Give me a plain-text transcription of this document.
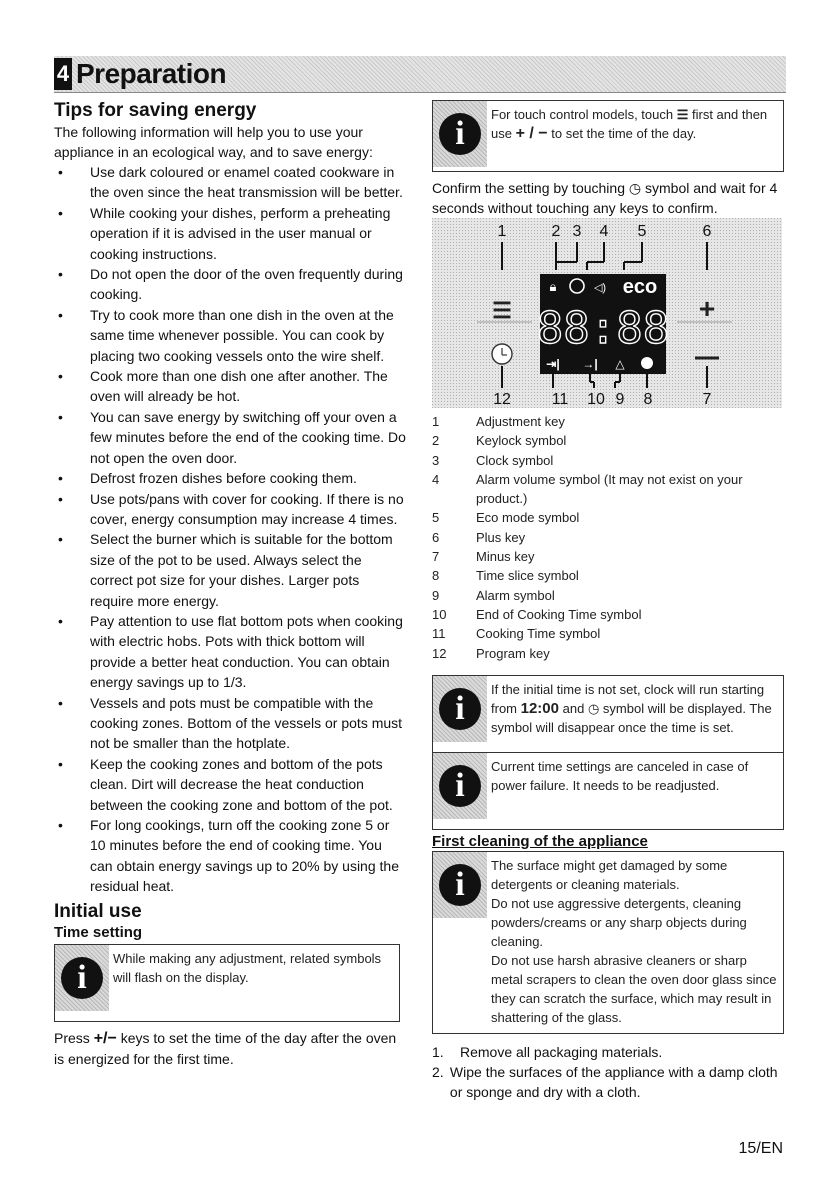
4 Preparation
Tips for saving energy

The following information will help you to use your appliance in an ecological way, and to save energy:

• Use dark coloured or enamel coated cookware in the oven since the heat transmission will be better.
• While cooking your dishes, perform a preheating operation if it is advised in the user manual or cooking instructions.
• Do not open the door of the oven frequently during cooking.
• Try to cook more than one dish in the oven at the same time whenever possible. You can cook by placing two cooking vessels onto the wire shelf.
• Cook more than one dish one after another. The oven will already be hot.
• You can save energy by switching off your oven a few minutes before the end of the cooking time. Do not open the oven door.
• Defrost frozen dishes before cooking them.
• Use pots/pans with cover for cooking. If there is no cover, energy consumption may increase 4 times.
• Select the burner which is suitable for the bottom size of the pot to be used. Always select the correct pot size for your dishes. Larger pots require more energy.
• Pay attention to use flat bottom pots when cooking with electric hobs. Pots with thick bottom will provide a better heat conduction. You can obtain energy savings up to 1/3.
• Vessels and pots must be compatible with the cooking zones. Bottom of the vessels or pots must not be smaller than the hotplate.
• Keep the cooking zones and bottom of the pots clean. Dirt will decrease the heat conduction between the cooking zone and bottom of the pot.
• For long cookings, turn off the cooking zone 5 or 10 minutes before the end of cooking time. You can obtain energy savings up to 20% by using the residual heat.
Initial use
Time setting
i
While making any adjustment, related symbols will flash on the display.

Press +/− keys to set the time of the day after the oven is energized for the first time.

i
For touch control models, touch ☰ first and then use + / − to set the time of the day.

Confirm the setting by touching ◷ symbol and wait for 4 seconds without touching any keys to confirm.

1	2 3 4 5	6
🔒︎	◁) eco
88:88
⇥| →| △
☰	+
12	11 10 9 8	7
1	Adjustment key
2	Keylock symbol
3	Clock symbol
4	Alarm volume symbol (It may not exist on your product.)
5	Eco mode symbol
6	Plus key
7	Minus key
8	Time slice symbol
9	Alarm symbol
10	End of Cooking Time symbol
11	Cooking Time symbol
12	Program key
i
If the initial time is not set, clock will run starting from 12:00 and ◷ symbol will be displayed. The symbol will disappear once the time is set.
i
Current time settings are canceled in case of power failure. It needs to be readjusted.
First cleaning of the appliance
i
The surface might get damaged by some detergents or cleaning materials.
Do not use aggressive detergents, cleaning powders/creams or any sharp objects during cleaning.
Do not use harsh abrasive cleaners or sharp metal scrapers to clean the oven door glass since they can scratch the surface, which may result in shattering of the glass.
1.	Remove all packaging materials.
2. Wipe the surfaces of the appliance with a damp cloth or sponge and dry with a cloth.
15/EN
